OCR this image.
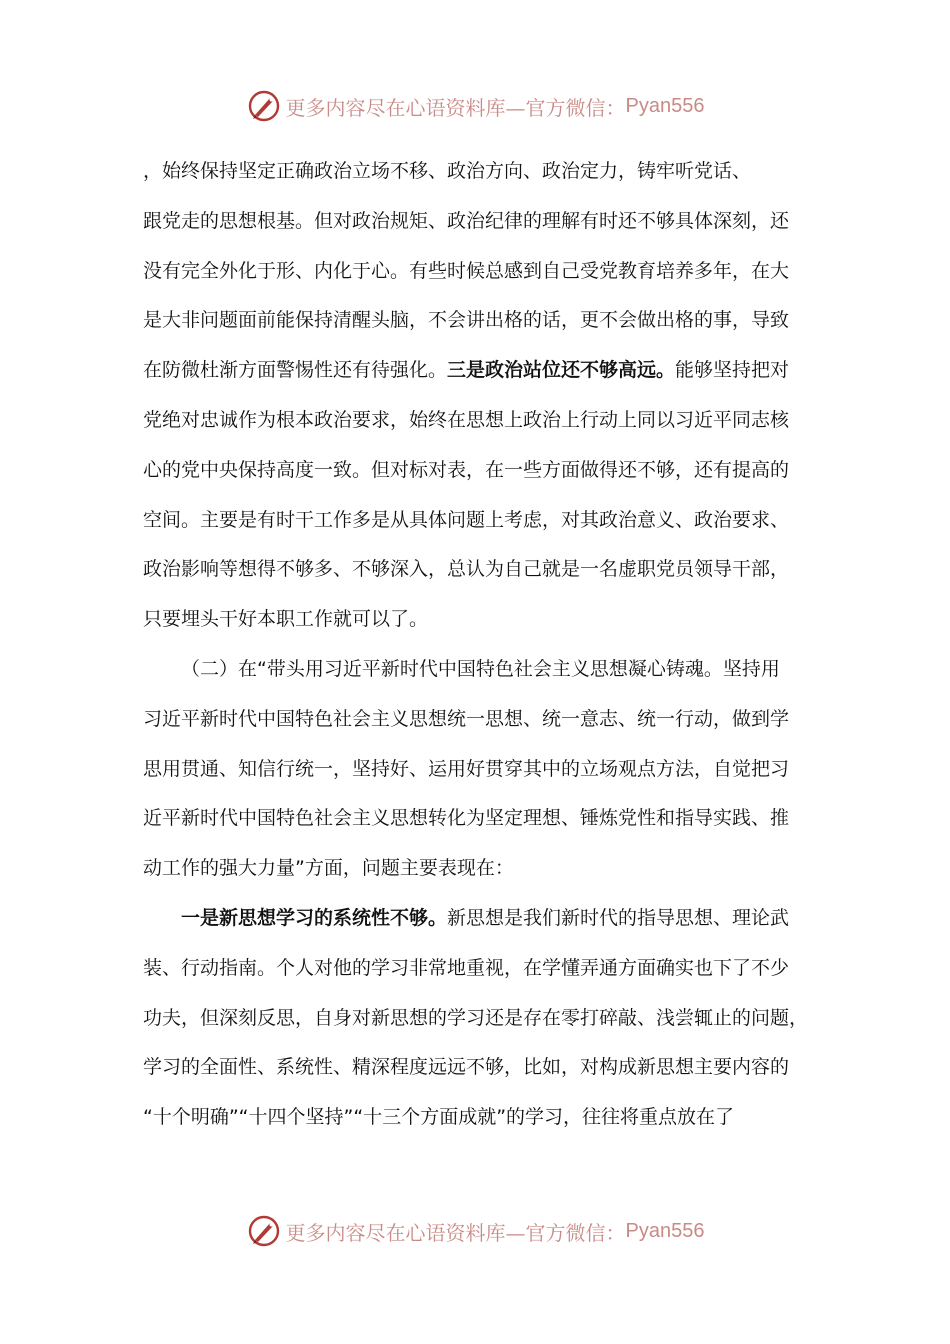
更多内容尽在心语资料库—官方微信： Pyan556
，始终保持坚定正确政治立场不移、政治方向、政治定力，铸牢听党话、
跟党走的思想根基。但对政治规矩、政治纪律的理解有时还不够具体深刻，还
没有完全外化于形、内化于心。有些时候总感到自己受党教育培养多年，在大
是大非问题面前能保持清醒头脑，不会讲出格的话，更不会做出格的事，导致
在防微杜渐方面警惕性还有待强化。三是政治站位还不够高远。能够坚持把对
党绝对忠诚作为根本政治要求，始终在思想上政治上行动上同以习近平同志核
心的党中央保持高度一致。但对标对表，在一些方面做得还不够，还有提高的
空间。主要是有时干工作多是从具体问题上考虑，对其政治意义、政治要求、
政治影响等想得不够多、不够深入，总认为自己就是一名虚职党员领导干部，
只要埋头干好本职工作就可以了。
（二）在“带头用习近平新时代中国特色社会主义思想凝心铸魂。坚持用
习近平新时代中国特色社会主义思想统一思想、统一意志、统一行动，做到学
思用贯通、知信行统一，坚持好、运用好贯穿其中的立场观点方法，自觉把习
近平新时代中国特色社会主义思想转化为坚定理想、锤炼党性和指导实践、推
动工作的强大力量”方面，问题主要表现在：
一是新思想学习的系统性不够。新思想是我们新时代的指导思想、理论武
装、行动指南。个人对他的学习非常地重视，在学懂弄通方面确实也下了不少
功夫，但深刻反思，自身对新思想的学习还是存在零打碎敲、浅尝辄止的问题，
学习的全面性、系统性、精深程度远远不够，比如，对构成新思想主要内容的
“十个明确”“十四个坚持”“十三个方面成就”的学习，往往将重点放在了
更多内容尽在心语资料库—官方微信： Pyan556
